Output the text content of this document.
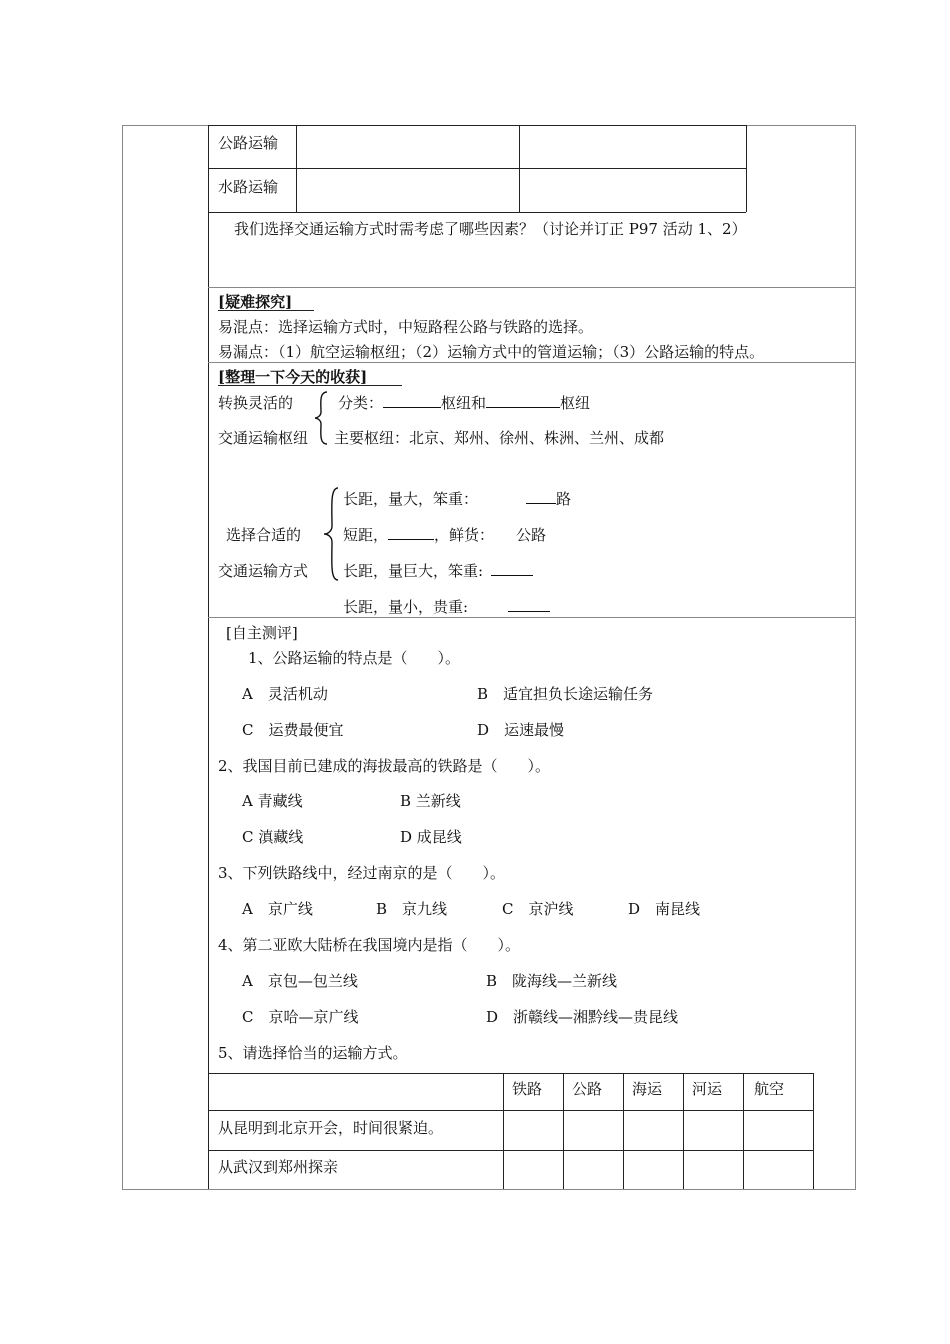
公路运输
水路运输
我们选择交通运输方式时需考虑了哪些因素？（讨论并订正 P97 活动 1、2）
[疑难探究]
易混点：选择运输方式时，中短路程公路与铁路的选择。
易漏点：（1）航空运输枢纽；（2）运输方式中的管道运输；（3）公路运输的特点。
[整理一下今天的收获]
转换灵活的
交通运输枢纽
分类：	枢纽和	枢纽
主要枢纽：北京、郑州、徐州、株洲、兰州、成都
选择合适的
交通运输方式
长距，量大，笨重：	路
短距，	，鲜货： 公路
长距，量巨大，笨重:
长距，量小，贵重:
[自主测评]
1、公路运输的特点是（　　）。
A　灵活机动	B　适宜担负长途运输任务
C　运费最便宜	D　运速最慢
2、我国目前已建成的海拔最高的铁路是（　　）。
A 青藏线	B 兰新线
C 滇藏线	D 成昆线
3、下列铁路线中，经过南京的是（　　）。
A　京广线	B　京九线	C　京沪线	D　南昆线
4、第二亚欧大陆桥在我国境内是指（　　）。
A　京包—包兰线	B　陇海线—兰新线
C　京哈—京广线	D　浙赣线—湘黔线—贵昆线
5、请选择恰当的运输方式。
铁路 公路 海运 河运 航空
从昆明到北京开会，时间很紧迫。
从武汉到郑州探亲
